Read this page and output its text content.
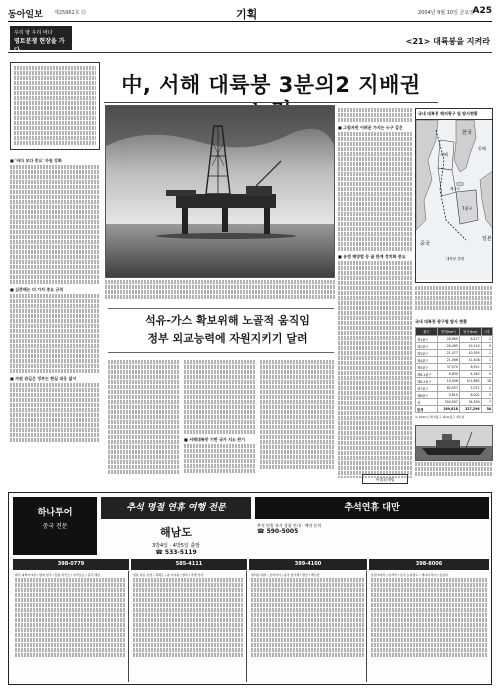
동아일보 제25962호 ⑮	기획	2004년 9월 10일 금요일
A25
우리 땅 우리 바다
영토분쟁 현장을 가다
<21> 대륙붕을 지켜라
中, 서해 대륙붕 3분의2 지배권
■ '바다 보다 풍요' 자원 강화
■ 심층해는 더 가치 중요 규칙
■ 자원 관길은 정부는 현실 대응 없어
석유-가스 확보위해 노골적 움직임
정부 외교능력에 자원지키기 달려
■ 서해대륙붕 기반 국가 지소 완기
■ 그림자만 어려운 가지는 누구 같은
■ 유엔 해양법 등 끝 한계 정치화 중요
국내 대륙붕 해저광구 및 탐사현황
중국
한국
일본
서해
동해
제주도
7광구
대륙붕 경계
국내 대륙붕 광구별 탐사 현황
광구	면적(km²)	탐사(km)	시추
제1광구	26,660	6,477	1
제2광구	26,465	19,114	9
제3광구	21,477	10,395	1
제4광구	21,066	11,408	1
제5광구	37,570	6,911	1
제6-1광구	6,830	4,540	0
제6-2광구	10,508	101,663	18
제7광구	82,557	5,071	2
제8광구	9,810	8,002	3
계	300,507	34,590	7
합계	269,818	227,296	38
※ 1990년 해저광구 제10광구 재분할
특별취재팀
하나투어
중국 전문
추석 명절 연휴 여행 전문
해남도
3박4일 · 4박5일 출발
☎ 533-5119
추석연휴 대만
추석 연휴 특가 상품 안내 · 예약 문의
☎ 590-5005
398-0779	585-4111	399-4100	398-8006
태국 파타야 5일 / 방콕 일주 / 홍콩 마카오 / 싱가포르 / 중국 계림	일본 큐슈 온천 / 북해도 / 괌 사이판 / 발리 / 푸켓 특가	필리핀 세부 / 보라카이 / 중국 장가계 / 황산 / 백두산	유럽 5개국 / 미서부 / 호주 뉴질랜드 / 캐나다 록키 / 동남아
